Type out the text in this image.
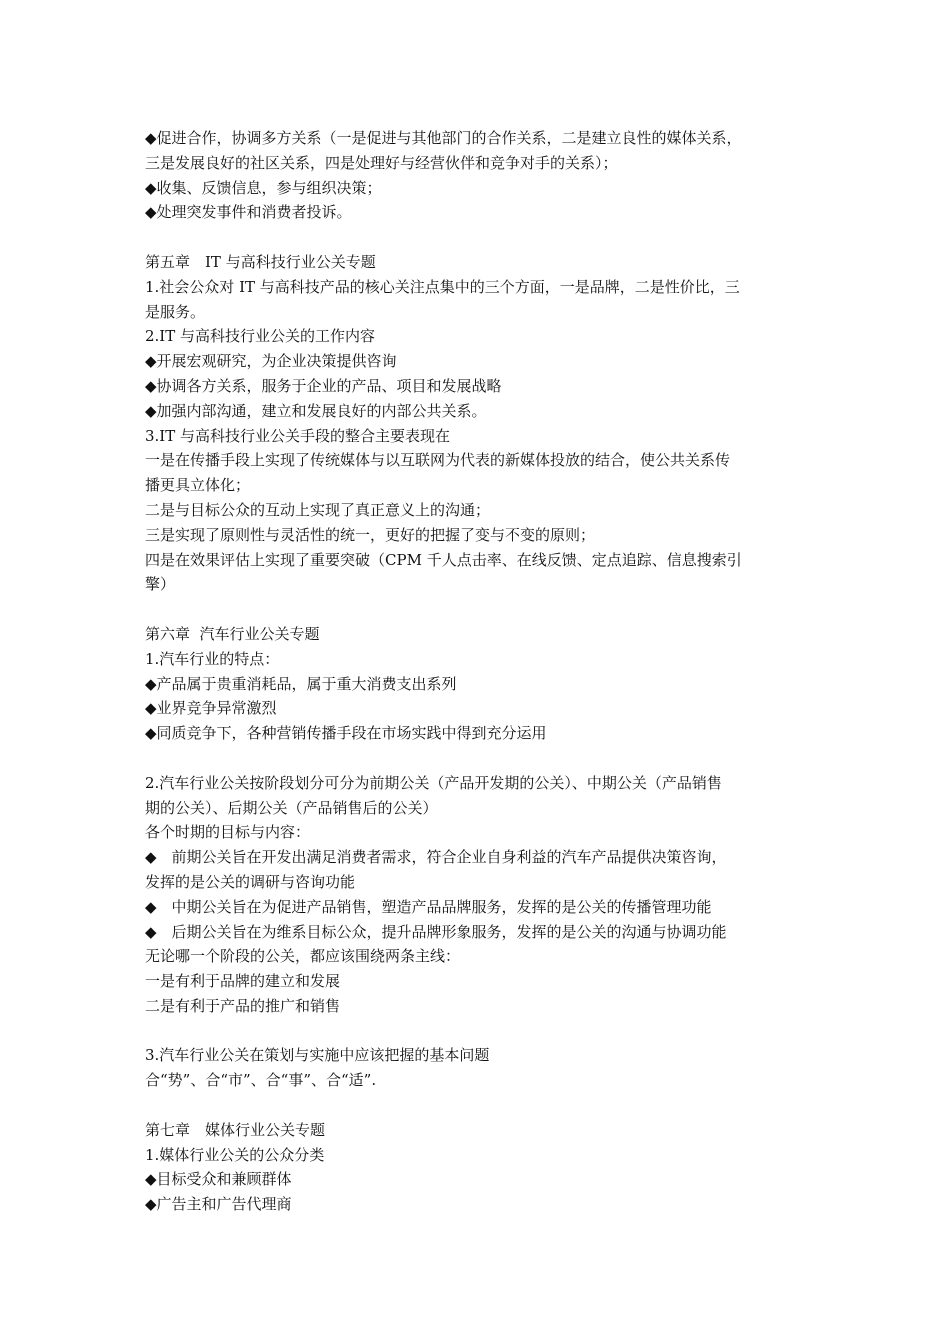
◆促进合作，协调多方关系（一是促进与其他部门的合作关系，二是建立良性的媒体关系，
三是发展良好的社区关系，四是处理好与经营伙伴和竞争对手的关系）；
◆收集、反馈信息，参与组织决策；
◆处理突发事件和消费者投诉。
第五章　IT 与高科技行业公关专题
1.社会公众对 IT 与高科技产品的核心关注点集中的三个方面，一是品牌，二是性价比，三
是服务。
2.IT 与高科技行业公关的工作内容
◆开展宏观研究，为企业决策提供咨询
◆协调各方关系，服务于企业的产品、项目和发展战略
◆加强内部沟通，建立和发展良好的内部公共关系。
3.IT 与高科技行业公关手段的整合主要表现在
一是在传播手段上实现了传统媒体与以互联网为代表的新媒体投放的结合，使公共关系传
播更具立体化；
二是与目标公众的互动上实现了真正意义上的沟通；
三是实现了原则性与灵活性的统一，更好的把握了变与不变的原则；
四是在效果评估上实现了重要突破（CPM 千人点击率、在线反馈、定点追踪、信息搜索引
擎）
第六章  汽车行业公关专题
1.汽车行业的特点：
◆产品属于贵重消耗品，属于重大消费支出系列
◆业界竞争异常激烈
◆同质竞争下，各种营销传播手段在市场实践中得到充分运用
2.汽车行业公关按阶段划分可分为前期公关（产品开发期的公关）、中期公关（产品销售
期的公关）、后期公关（产品销售后的公关）
各个时期的目标与内容：
◆　前期公关旨在开发出满足消费者需求，符合企业自身利益的汽车产品提供决策咨询，
发挥的是公关的调研与咨询功能
◆　中期公关旨在为促进产品销售，塑造产品品牌服务，发挥的是公关的传播管理功能
◆　后期公关旨在为维系目标公众，提升品牌形象服务，发挥的是公关的沟通与协调功能
无论哪一个阶段的公关，都应该围绕两条主线：
一是有利于品牌的建立和发展
二是有利于产品的推广和销售
3.汽车行业公关在策划与实施中应该把握的基本问题
合“势”、合“市”、合“事”、合“适”.
第七章　媒体行业公关专题
1.媒体行业公关的公众分类
◆目标受众和兼顾群体
◆广告主和广告代理商
